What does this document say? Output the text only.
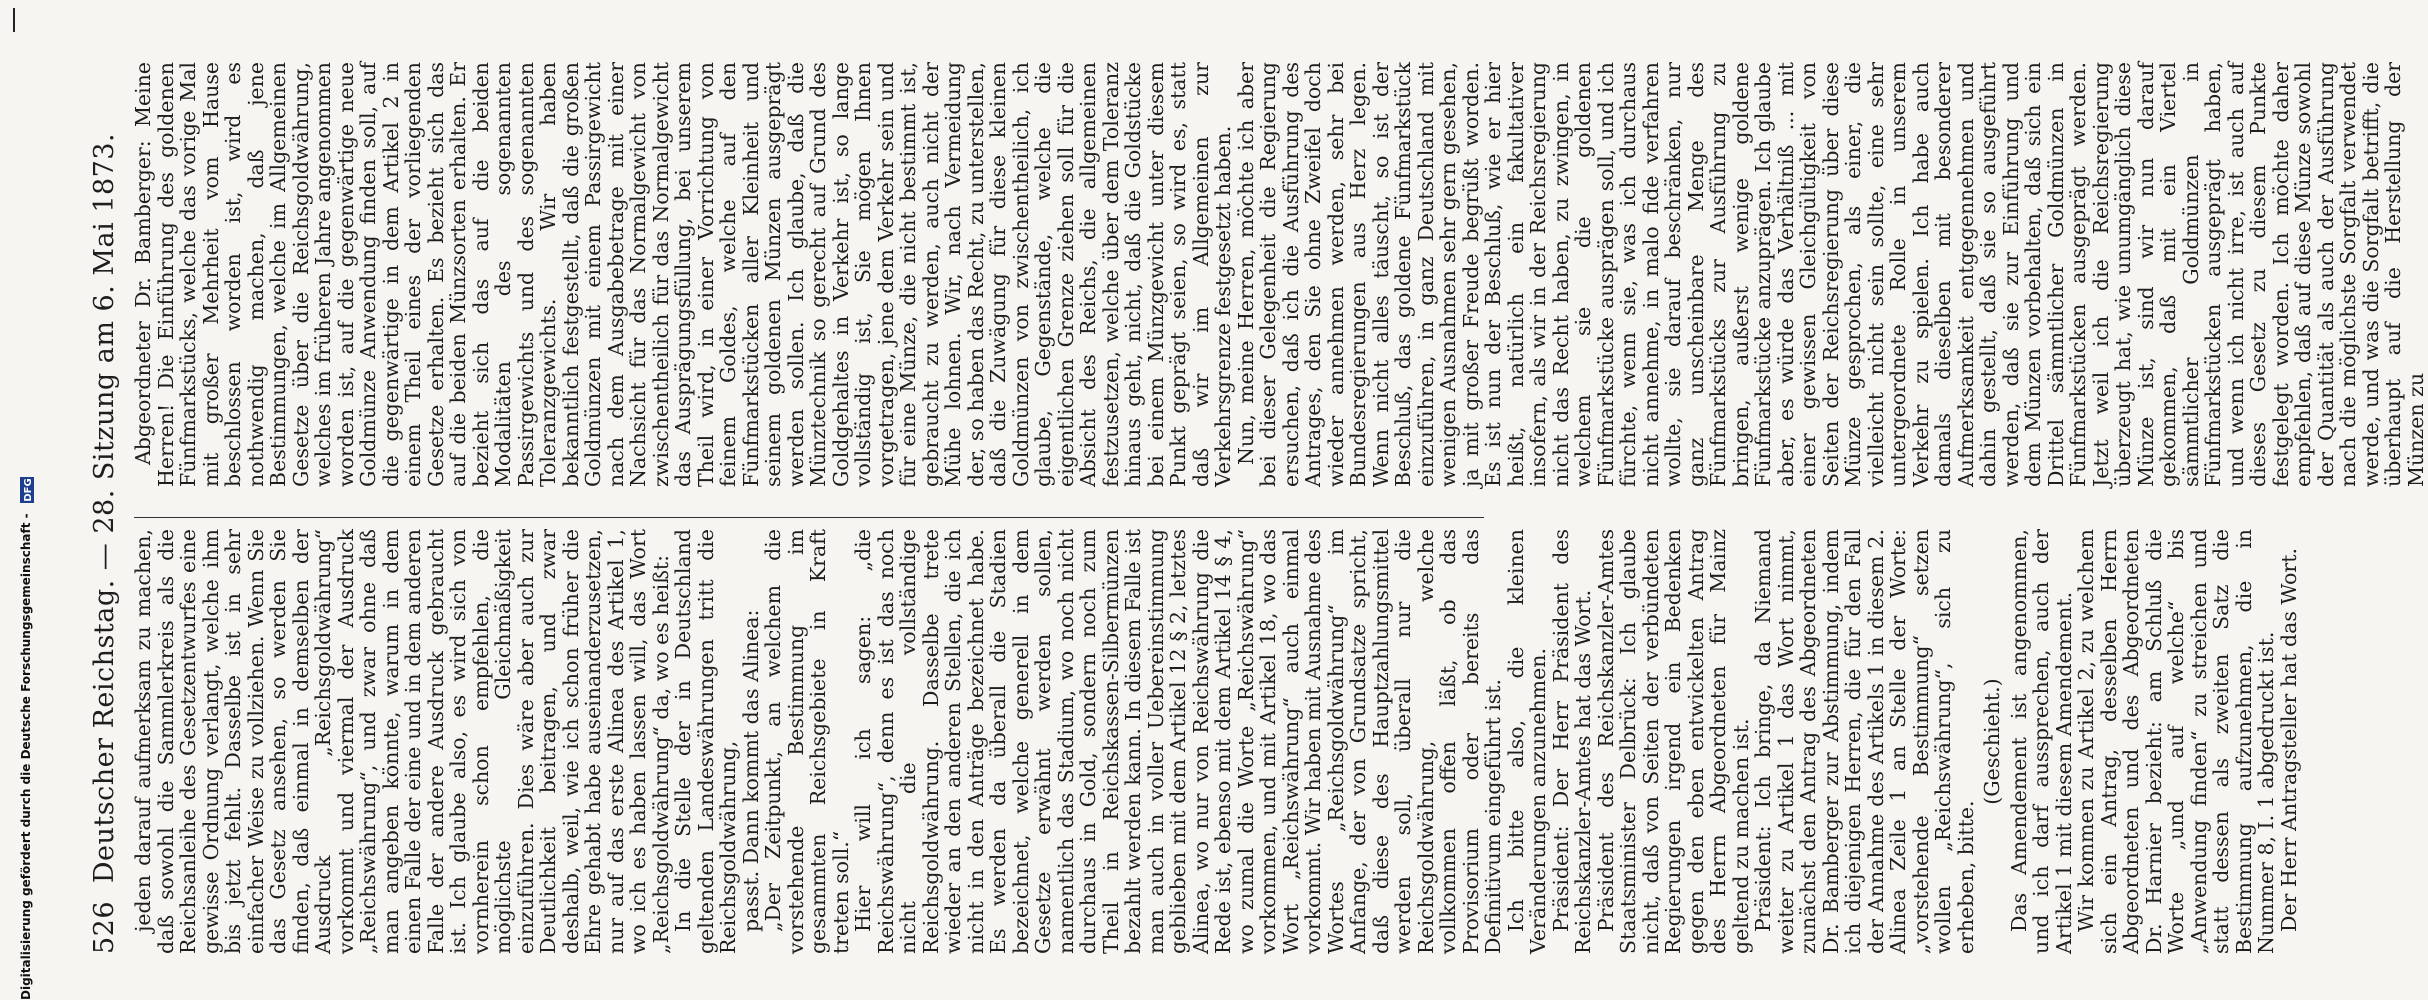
526
Deutscher Reichstag. — 28. Sitzung am 6. Mai 1873. jeden darauf aufmerksam zu machen, daß sowohl die Sammlerkreis als die Reichsanleihe des Gesetzentwurfes eine gewisse Ordnung verlangt, welche ihm bis jetzt fehlt. Dasselbe ist in sehr einfacher Weise zu vollziehen. Wenn Sie das Gesetz ansehen, so werden Sie finden, daß einmal in demselben der Ausdruck „Reichsgoldwährung“ vorkommt und viermal der Ausdruck „Reichswährung“, und zwar ohne daß man angeben könnte, warum in dem einen Falle der eine und in dem anderen Falle der andere Ausdruck gebraucht ist. Ich glaube also, es wird sich von vornherein schon empfehlen, die möglichste Gleichmäßigkeit einzuführen. Dies wäre aber auch zur Deutlichkeit beitragen, und zwar deshalb, weil, wie ich schon früher die Ehre gehabt habe auseinanderzusetzen, nur auf das erste Alinea des Artikel 1, wo ich es haben lassen will, das Wort „Reichsgoldwährung“ da, wo es heißt:

In die Stelle der in Deutschland geltenden Landeswährungen tritt die Reichsgoldwährung,

passt. Dann kommt das Alinea:

„Der Zeitpunkt, an welchem die vorstehende Bestimmung im gesammten Reichsgebiete in Kraft treten soll.“

Hier will ich sagen: „die Reichswährung“, denn es ist das noch nicht die vollständige Reichsgoldwährung. Dasselbe trete wieder an den anderen Stellen, die ich nicht in den Anträge bezeichnet habe. Es werden da überall die Stadien bezeichnet, welche generell in dem Gesetze erwähnt werden sollen, namentlich das Stadium, wo noch nicht durchaus in Gold, sondern noch zum Theil in Reichskassen-Silbermünzen bezahlt werden kann. In diesem Falle ist man auch in voller Uebereinstimmung geblieben mit dem Artikel 12 § 2, letztes Alinea, wo nur von Reichswährung die Rede ist, ebenso mit dem Artikel 14 § 4, wo zumal die Worte „Reichswährung“ vorkommen, und mit Artikel 18, wo das Wort „Reichswährung“ auch einmal vorkommt. Wir haben mit Ausnahme des Wortes „Reichsgoldwährung“ im Anfange, der von Grundsatze spricht, daß diese des Hauptzahlungsmittel werden soll, überall nur die Reichsgoldwährung, welche vollkommen offen läßt, ob das Provisorium oder bereits das Definitivum eingeführt ist.

Ich bitte also, die kleinen Veränderungen anzunehmen.

Präsident: Der Herr Präsident des Reichskanzler-Amtes hat das Wort.

Präsident des Reichskanzler-Amtes Staatsminister Delbrück: Ich glaube nicht, daß von Seiten der verbündeten Regierungen irgend ein Bedenken gegen den eben entwickelten Antrag des Herrn Abgeordneten für Mainz geltend zu machen ist.

Präsident: Ich bringe, da Niemand weiter zu Artikel 1 das Wort nimmt, zunächst den Antrag des Abgeordneten Dr. Bamberger zur Abstimmung, indem ich diejenigen Herren, die für den Fall der Annahme des Artikels 1 in diesem 2. Alinea Zeile 1 an Stelle der Worte: „vorstehende Bestimmung“ setzen wollen „Reichswährung“, sich zu erheben, bitte.

(Geschieht.) Das Amendement ist angenommen, und ich darf aussprechen, auch der Artikel 1 mit diesem Amendement.

Wir kommen zu Artikel 2, zu welchem sich ein Antrag, desselben Herrn Abgeordneten und des Abgeordneten Dr. Harnier bezieht: am Schluß die Worte „und auf welche“ bis „Anwendung finden“ zu streichen und statt dessen als zweiten Satz die Bestimmung aufzunehmen, die in Nummer 8, I. 1 abgedruckt ist.

Der Herr Antragsteller hat das Wort.

Abgeordneter Dr. Bamberger: Meine Herren! Die Einführung des goldenen Fünfmarkstücks, welche das vorige Mal mit großer Mehrheit vom Hause beschlossen worden ist, wird es nothwendig machen, daß jene Bestimmungen, welche im Allgemeinen Gesetze über die Reichsgoldwährung, welches im früheren Jahre angenommen worden ist, auf die gegenwärtige neue Goldmünze Anwendung finden soll, auf die gegenwärtige in dem Artikel 2 in einem Theil eines der vorliegenden Gesetze erhalten. Es bezieht sich das auf die beiden Münzsorten erhalten. Er bezieht sich das auf die beiden Modalitäten des sogenannten Passirgewichts und des sogenannten Toleranzgewichts. Wir haben bekanntlich festgestellt, daß die großen Goldmünzen mit einem Passirgewicht nach dem Ausgabebetrage mit einer Nachsicht für das Normalgewicht von zwischentheilich für das Normalgewicht das Ausprägungsfüllung, bei unserem Theil wird, in einer Vorrichtung von feinem Goldes, welche auf den Fünfmarkstücken aller Kleinheit und seinem goldenen Münzen ausgeprägt werden sollen. Ich glaube, daß die Münztechnik so gerecht auf Grund des Goldgehaltes in Verkehr ist, so lange vollständig ist, Sie mögen Ihnen vorgetragen, jene dem Verkehr sein und für eine Münze, die nicht bestimmt ist, gebraucht zu werden, auch nicht der Mühe lohnen. Wir, nach Vermeidung der, so haben das Recht, zu unterstellen, daß die Zuwägung für diese kleinen Goldmünzen von zwischentheilich, ich glaube, Gegenstände, welche die eigentlichen Grenze ziehen soll für die Absicht des Reichs, die allgemeinen festzusetzen, welche über dem Toleranz hinaus geht, nicht, daß die Goldstücke bei einem Münzgewicht unter diesem Punkt geprägt seien, so wird es, statt daß wir im Allgemeinen zur Verkehrsgrenze festgesetzt haben.

Nun, meine Herren, möchte ich aber bei dieser Gelegenheit die Regierung ersuchen, daß ich die Ausführung des Antrages, den Sie ohne Zweifel doch wieder annehmen werden, sehr bei Bundesregierungen aus Herz legen. Wenn nicht alles täuscht, so ist der Beschluß, das goldene Fünfmarkstück einzuführen, in ganz Deutschland mit wenigen Ausnahmen sehr gern gesehen, ja mit großer Freude begrüßt worden. Es ist nun der Beschluß, wie er hier heißt, natürlich ein fakultativer insofern, als wir in der Reichsregierung nicht das Recht haben, zu zwingen, in welchem sie die goldenen Fünfmarkstücke ausprägen soll, und ich fürchte, wenn sie, was ich durchaus nicht annehme, in malo fide verfahren wollte, sie darauf beschränken, nur ganz unscheinbare Menge des Fünfmarkstücks zur Ausführung zu bringen, außerst wenige goldene Fünfmarkstücke anzuprägen. Ich glaube aber, es würde das Verhältniß ... mit einer gewissen Gleichgültigkeit von Seiten der Reichsregierung über diese Münze gesprochen, als einer, die vielleicht nicht sein sollte, eine sehr untergeordnete Rolle in unserem Verkehr zu spielen. Ich habe auch damals dieselben mit besonderer Aufmerksamkeit entgegennehmen und dahin gestellt, daß sie so ausgeführt werden, daß sie zur Einführung und dem Münzen vorbehalten, daß sich ein Drittel sämmtlicher Goldmünzen in Fünfmarkstücken ausgeprägt werden. Jetzt weil ich die Reichsregierung überzeugt hat, wie unumgänglich diese Münze ist, sind wir nun darauf gekommen, daß mit ein Viertel sämmtlicher Goldmünzen in Fünfmarkstücken ausgeprägt haben, und wenn ich nicht irre, ist auch auf dieses Gesetz zu diesem Punkte festgelegt worden. Ich möchte daher empfehlen, daß auf diese Münze sowohl der Quantität als auch der Ausführung nach die möglichste Sorgfalt verwendet werde, und was die Sorgfalt betrifft, die überhaupt auf die Herstellung der Münzen zu

Digitalisierung gefördert durch die Deutsche Forschungsgemeinschaft -
DFG
